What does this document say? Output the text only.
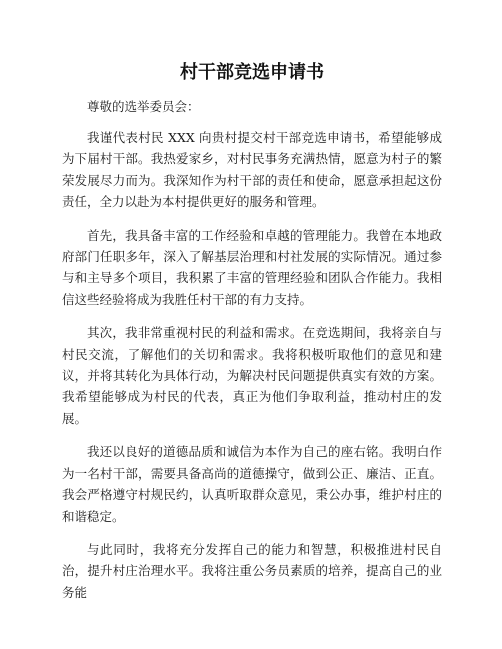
村干部竞选申请书

尊敬的选举委员会：

我谨代表村民 XXX 向贵村提交村干部竞选申请书，希望能够成为下届村干部。我热爱家乡，对村民事务充满热情，愿意为村子的繁荣发展尽力而为。我深知作为村干部的责任和使命，愿意承担起这份责任，全力以赴为本村提供更好的服务和管理。

首先，我具备丰富的工作经验和卓越的管理能力。我曾在本地政府部门任职多年，深入了解基层治理和村社发展的实际情况。通过参与和主导多个项目，我积累了丰富的管理经验和团队合作能力。我相信这些经验将成为我胜任村干部的有力支持。

其次，我非常重视村民的利益和需求。在竞选期间，我将亲自与村民交流，了解他们的关切和需求。我将积极听取他们的意见和建议，并将其转化为具体行动，为解决村民问题提供真实有效的方案。我希望能够成为村民的代表，真正为他们争取利益，推动村庄的发展。

我还以良好的道德品质和诚信为本作为自己的座右铭。我明白作为一名村干部，需要具备高尚的道德操守，做到公正、廉洁、正直。我会严格遵守村规民约，认真听取群众意见，秉公办事，维护村庄的和谐稳定。

与此同时，我将充分发挥自己的能力和智慧，积极推进村民自治，提升村庄治理水平。我将注重公务员素质的培养，提高自己的业务能
